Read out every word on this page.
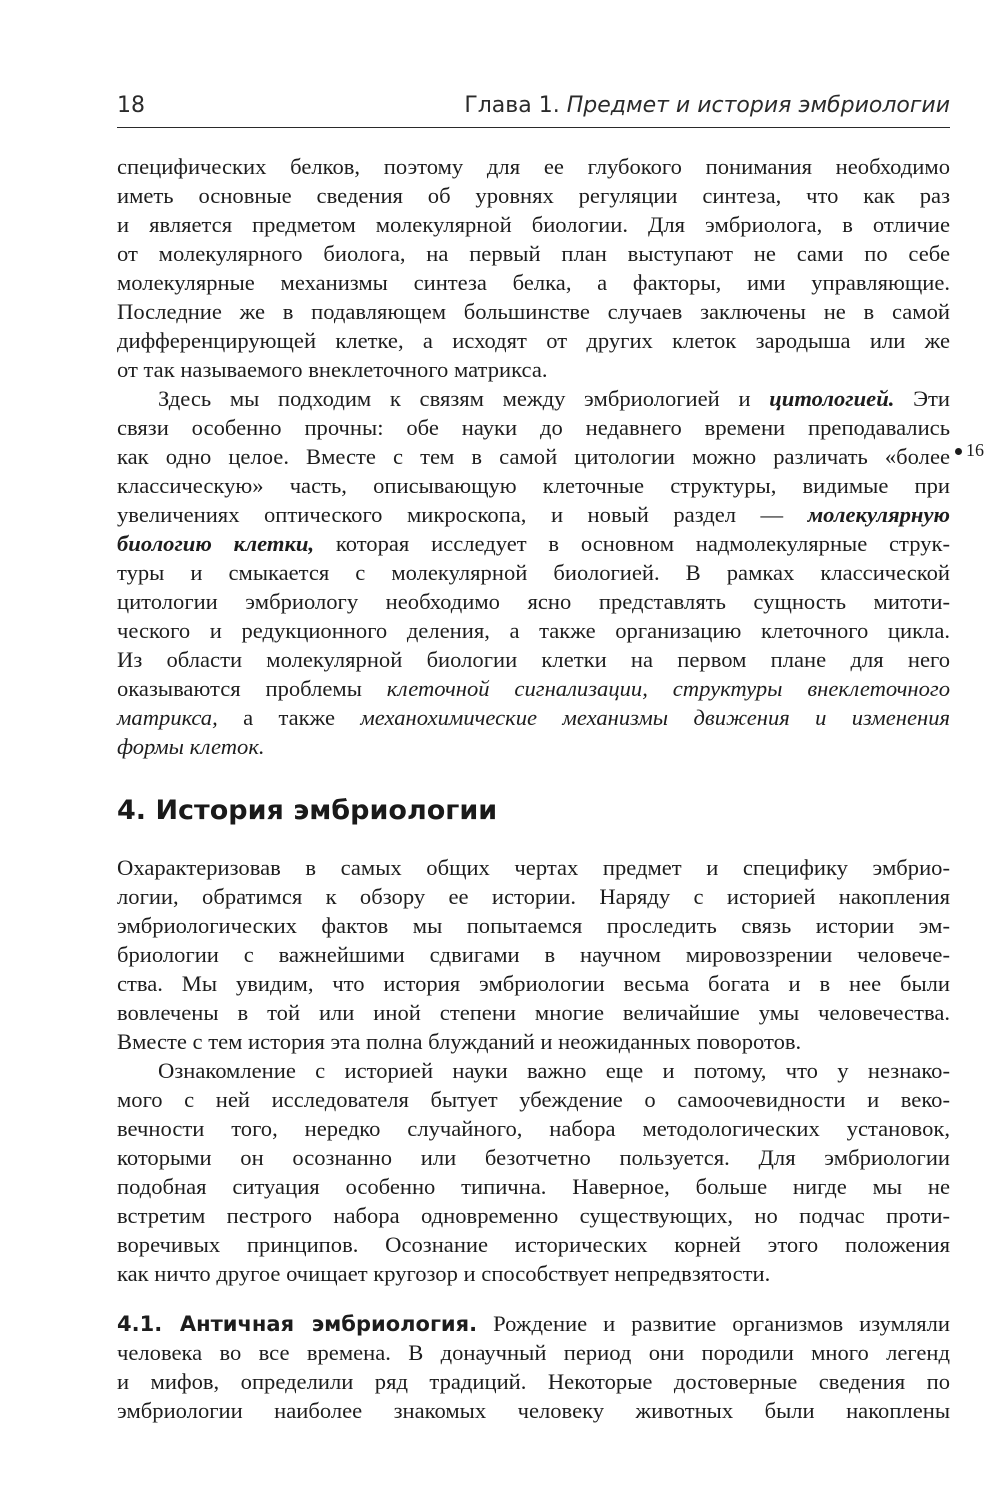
18	Глава 1. Предмет и история эмбриологии
специфических белков, поэтому для ее глубокого понимания необходимо
иметь основные сведения об уровнях регуляции синтеза, что как раз
и является предметом молекулярной биологии. Для эмбриолога, в отличие
от молекулярного биолога, на первый план выступают не сами по себе
молекулярные механизмы синтеза белка, а факторы, ими управляющие.
Последние же в подавляющем большинстве случаев заключены не в самой
дифференцирующей клетке, а исходят от других клеток зародыша или же
от так называемого внеклеточного матрикса.
Здесь мы подходим к связям между эмбриологией и цитологией. Эти
связи особенно прочны: обе науки до недавнего времени преподавались
как одно целое. Вместе с тем в самой цитологии можно различать «более
классическую» часть, описывающую клеточные структуры, видимые при
увеличениях оптического микроскопа, и новый раздел — молекулярную
биологию клетки, которая исследует в основном надмолекулярные струк-
туры и смыкается с молекулярной биологией. В рамках классической
цитологии эмбриологу необходимо ясно представлять сущность митоти-
ческого и редукционного деления, а также организацию клеточного цикла.
Из области молекулярной биологии клетки на первом плане для него
оказываются проблемы клеточной сигнализации, структуры внеклеточного
матрикса, а также механохимические механизмы движения и изменения
формы клеток.
16
4. История эмбриологии
Охарактеризовав в самых общих чертах предмет и специфику эмбрио-
логии, обратимся к обзору ее истории. Наряду с историей накопления
эмбриологических фактов мы попытаемся проследить связь истории эм-
бриологии с важнейшими сдвигами в научном мировоззрении человече-
ства. Мы увидим, что история эмбриологии весьма богата и в нее были
вовлечены в той или иной степени многие величайшие умы человечества.
Вместе с тем история эта полна блужданий и неожиданных поворотов.
Ознакомление с историей науки важно еще и потому, что у незнако-
мого с ней исследователя бытует убеждение о самоочевидности и веко-
вечности того, нередко случайного, набора методологических установок,
которыми он осознанно или безотчетно пользуется. Для эмбриологии
подобная ситуация особенно типична. Наверное, больше нигде мы не
встретим пестрого набора одновременно существующих, но подчас проти-
воречивых принципов. Осознание исторических корней этого положения
как ничто другое очищает кругозор и способствует непредвзятости.
4.1. Античная эмбриология. Рождение и развитие организмов изумляли
человека во все времена. В донаучный период они породили много легенд
и мифов, определили ряд традиций. Некоторые достоверные сведения по
эмбриологии наиболее знакомых человеку животных были накоплены
